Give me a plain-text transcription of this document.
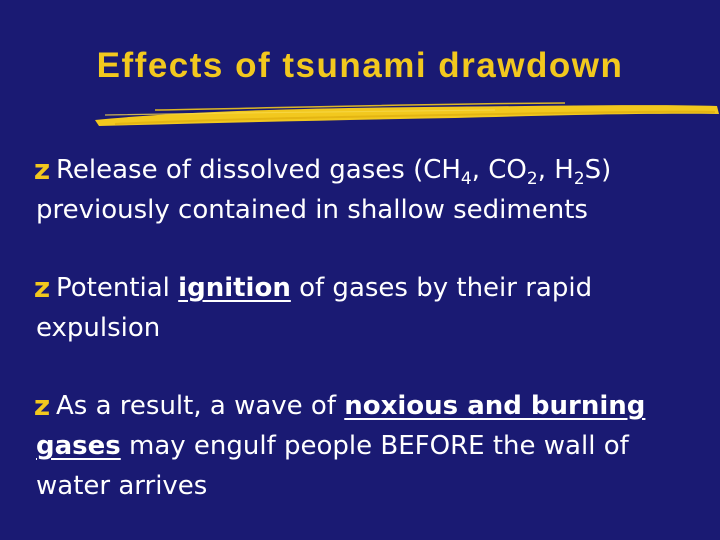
Effects of tsunami drawdown
z Release of dissolved gases ($CH_4$, $CO_2$, $H_2S$)
previously contained in shallow sediments
z Potential ignition of gases by their rapid
expulsion
z As a result, a wave of noxious and burning
gases may engulf people BEFORE the wall of
water arrives
